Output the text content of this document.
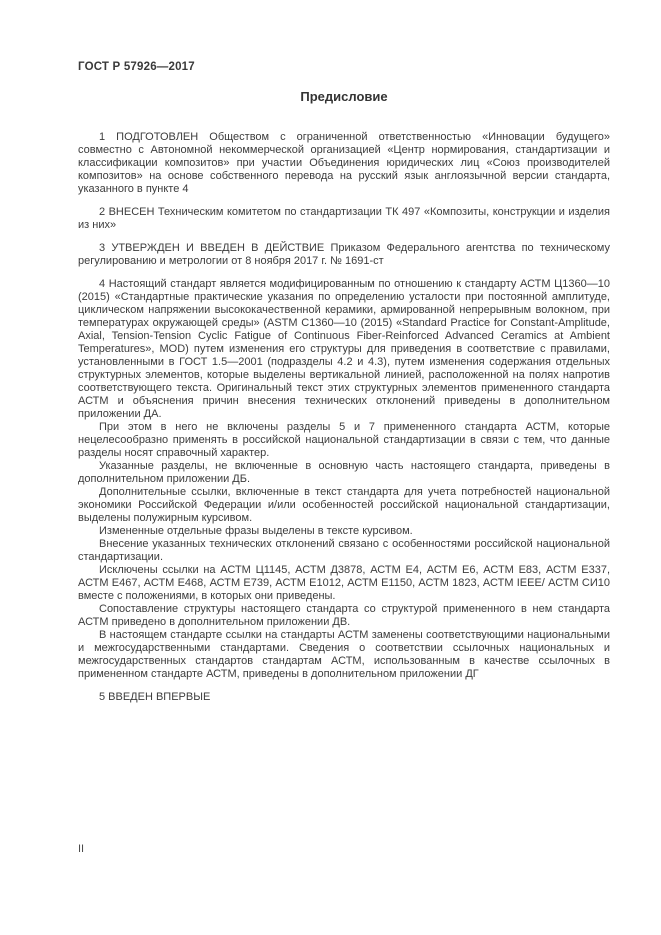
ГОСТ Р 57926—2017
Предисловие

1 ПОДГОТОВЛЕН Обществом с ограниченной ответственностью «Инновации будущего» совместно с Автономной некоммерческой организацией «Центр нормирования, стандартизации и классификации композитов» при участии Объединения юридических лиц «Союз производителей композитов» на основе собственного перевода на русский язык англоязычной версии стандарта, указанного в пункте 4

2 ВНЕСЕН Техническим комитетом по стандартизации ТК 497 «Композиты, конструкции и изделия из них»

3 УТВЕРЖДЕН И ВВЕДЕН В ДЕЙСТВИЕ Приказом Федерального агентства по техническому регулированию и метрологии от 8 ноября 2017 г. № 1691-ст

4 Настоящий стандарт является модифицированным по отношению к стандарту АСТМ Ц1360—10 (2015) «Стандартные практические указания по определению усталости при постоянной амплитуде, циклическом напряжении высококачественной керамики, армированной непрерывным волокном, при температурах окружающей среды» (ASTM C1360—10 (2015) «Standard Practice for Constant-Amplitude, Axial, Tension-Tension Cyclic Fatigue of Continuous Fiber-Reinforced Advanced Ceramics at Ambient Temperatures», MOD) путем изменения его структуры для приведения в соответствие с правилами, установленными в ГОСТ 1.5—2001 (подразделы 4.2 и 4.3), путем изменения содержания отдельных структурных элементов, которые выделены вертикальной линией, расположенной на полях напротив соответствующего текста. Оригинальный текст этих структурных элементов примененного стандарта АСТМ и объяснения причин внесения технических отклонений приведены в дополнительном приложении ДА.

При этом в него не включены разделы 5 и 7 примененного стандарта АСТМ, которые нецелесообразно применять в российской национальной стандартизации в связи с тем, что данные разделы носят справочный характер.

Указанные разделы, не включенные в основную часть настоящего стандарта, приведены в дополнительном приложении ДБ.

Дополнительные ссылки, включенные в текст стандарта для учета потребностей национальной экономики Российской Федерации и/или особенностей российской национальной стандартизации, выделены полужирным курсивом.

Измененные отдельные фразы выделены в тексте курсивом.

Внесение указанных технических отклонений связано с особенностями российской национальной стандартизации.

Исключены ссылки на АСТМ Ц1145, АСТМ Д3878, АСТМ Е4, АСТМ Е6, АСТМ Е83, АСТМ Е337, АСТМ Е467, АСТМ Е468, АСТМ Е739, АСТМ Е1012, АСТМ Е1150, АСТМ 1823, АСТМ IEEE/ АСТМ СИ10 вместе с положениями, в которых они приведены.

Сопоставление структуры настоящего стандарта со структурой примененного в нем стандарта АСТМ приведено в дополнительном приложении ДВ.

В настоящем стандарте ссылки на стандарты АСТМ заменены соответствующими национальными и межгосударственными стандартами. Сведения о соответствии ссылочных национальных и межгосударственных стандартов стандартам АСТМ, использованным в качестве ссылочных в примененном стандарте АСТМ, приведены в дополнительном приложении ДГ

5 ВВЕДЕН ВПЕРВЫЕ

II
